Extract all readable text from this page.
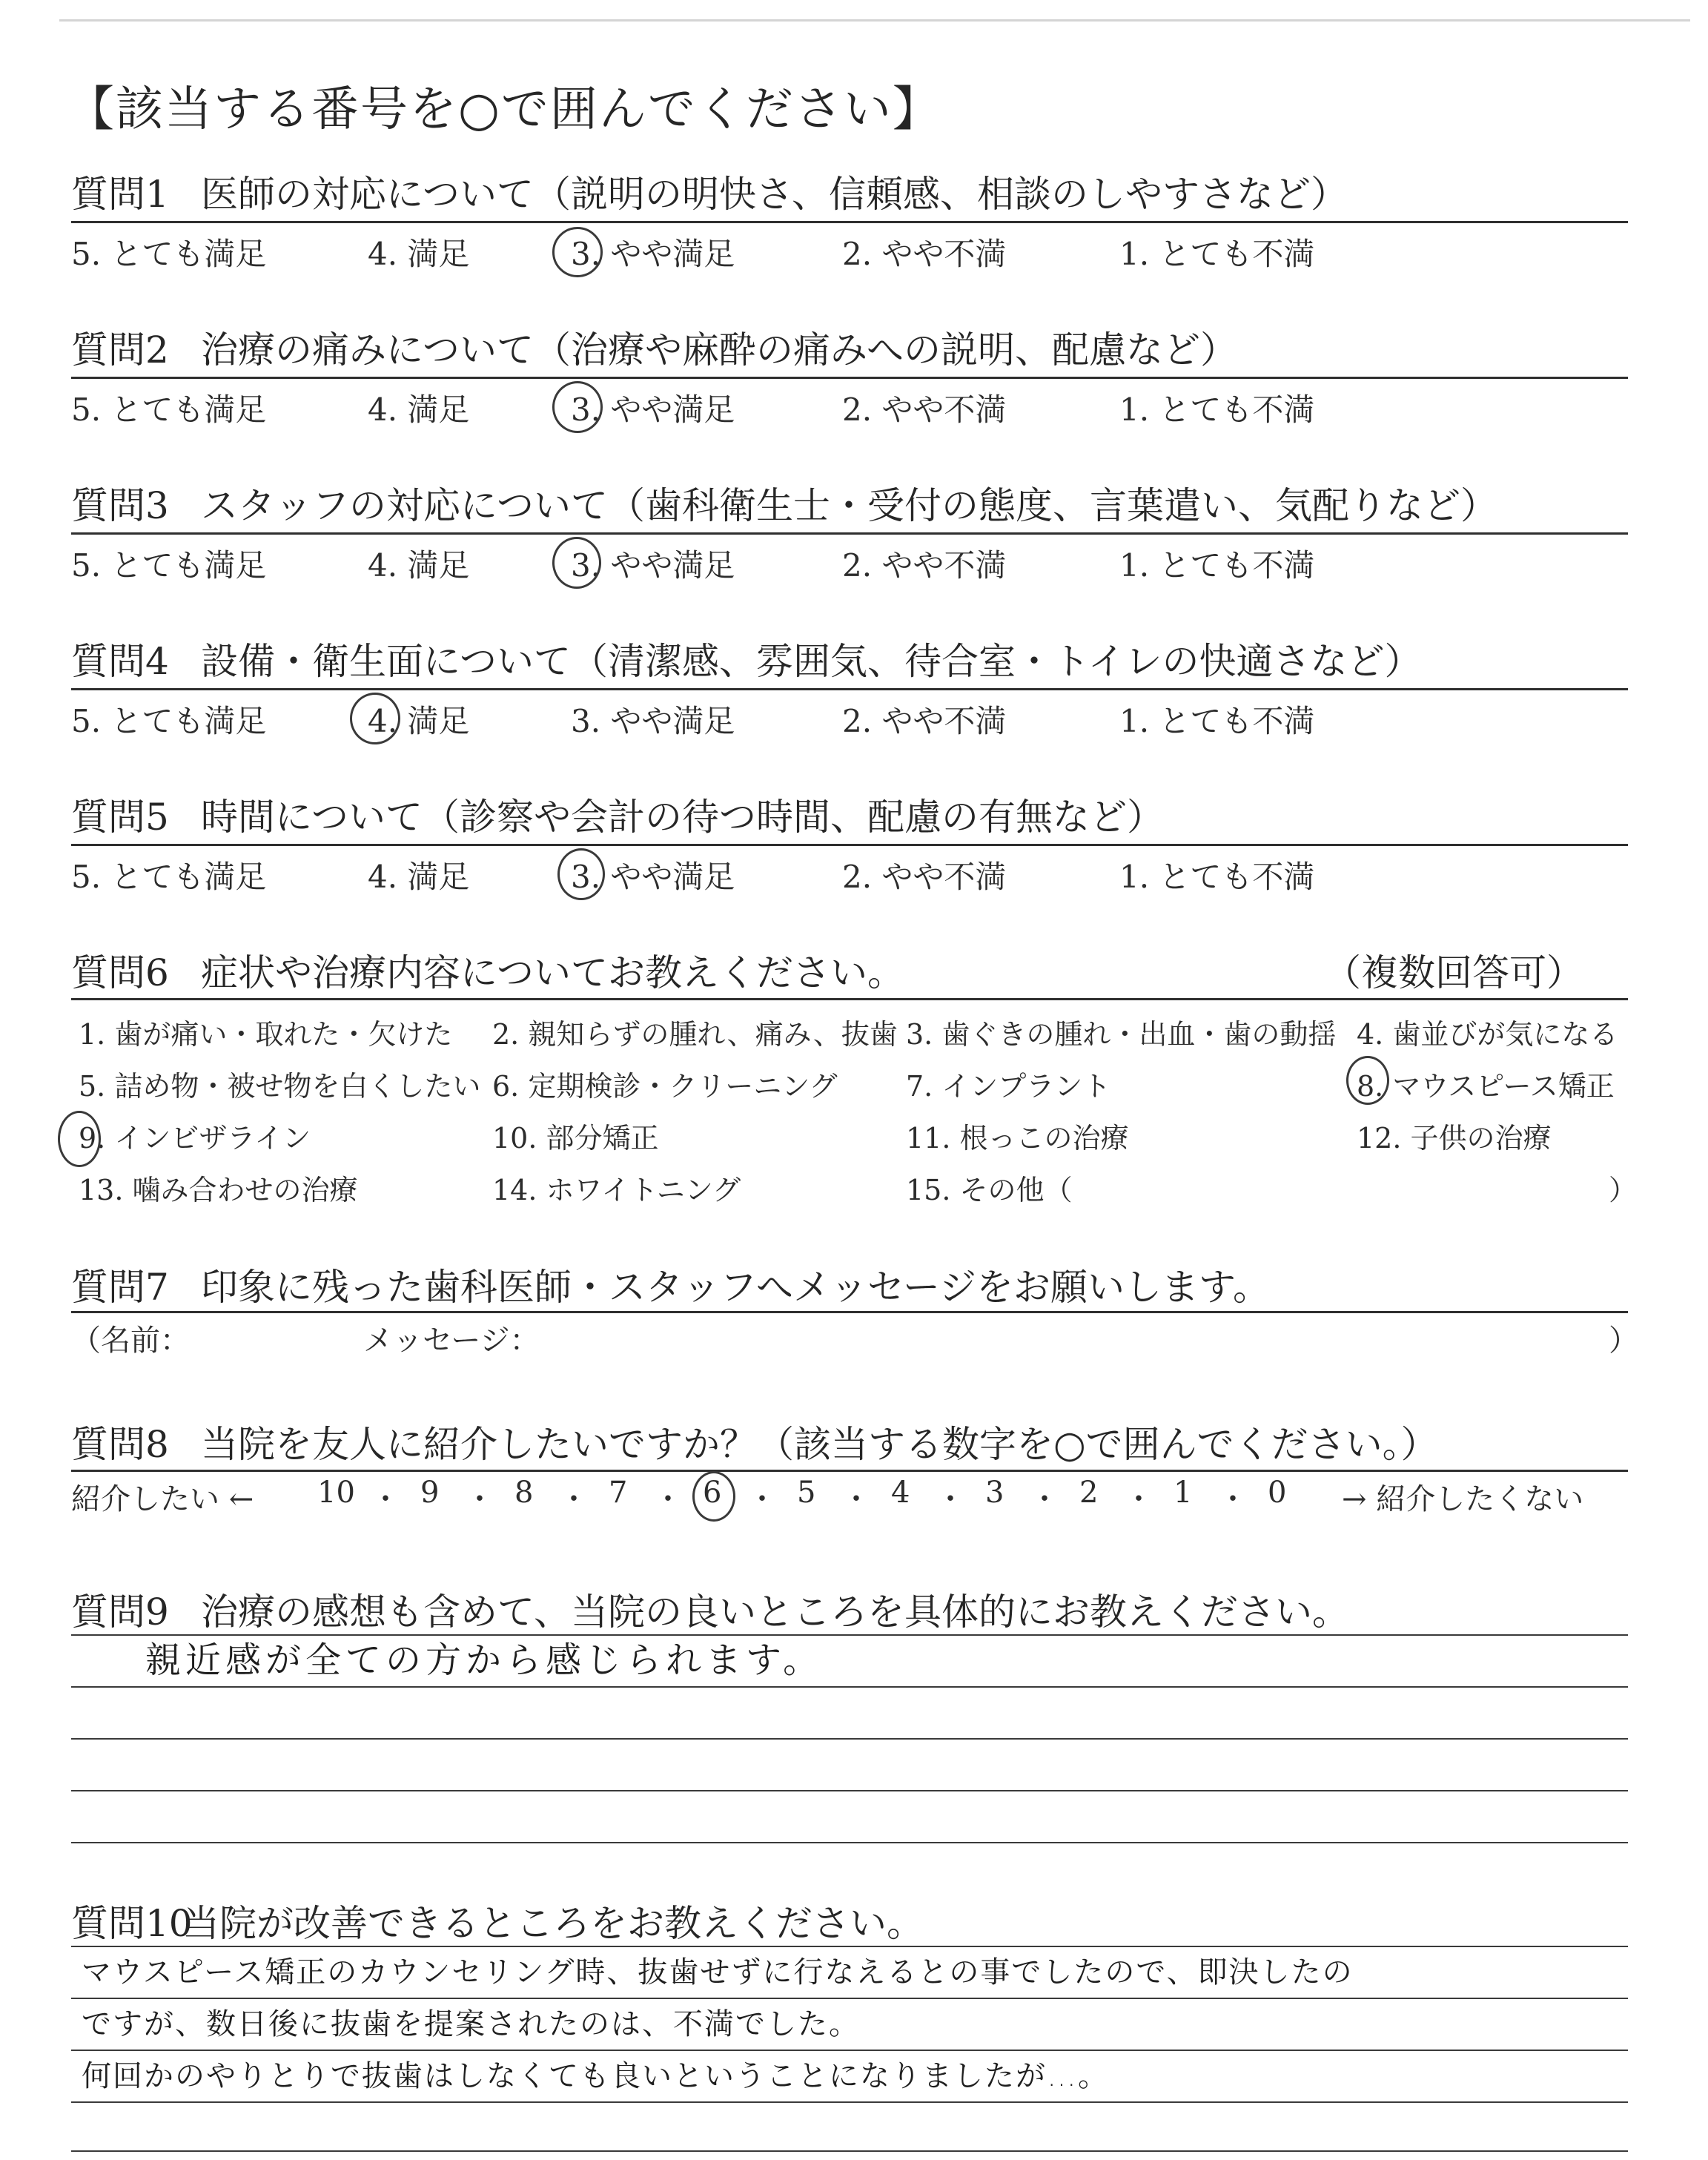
【該当する番号を○で囲んでください】
質問1 医師の対応について（説明の明快さ、信頼感、相談のしやすさなど）
5. とても満足	4. 満足	3. やや満足	2. やや不満	1. とても不満
質問2 治療の痛みについて（治療や麻酔の痛みへの説明、配慮など）
5. とても満足	4. 満足	3. やや満足	2. やや不満	1. とても不満
質問3 スタッフの対応について（歯科衛生士・受付の態度、言葉遣い、気配りなど）
5. とても満足	4. 満足	3. やや満足	2. やや不満	1. とても不満
質問4 設備・衛生面について（清潔感、雰囲気、待合室・トイレの快適さなど）
5. とても満足	4. 満足	3. やや満足	2. やや不満	1. とても不満
質問5 時間について（診察や会計の待つ時間、配慮の有無など）
5. とても満足	4. 満足	3. やや満足	2. やや不満	1. とても不満
質問6 症状や治療内容についてお教えください。	（複数回答可）
1. 歯が痛い・取れた・欠けた 2. 親知らずの腫れ、痛み、抜歯 3. 歯ぐきの腫れ・出血・歯の動揺 4. 歯並びが気になる
5. 詰め物・被せ物を白くしたい 6. 定期検診・クリーニング 7. インプラント	8. マウスピース矯正
9. インビザライン	10. 部分矯正	11. 根っこの治療	12. 子供の治療
13. 噛み合わせの治療	14. ホワイトニング	15. その他（	）
質問7 印象に残った歯科医師・スタッフへメッセージをお願いします。
（名前：	メッセージ：	）
質問8 当院を友人に紹介したいですか？（該当する数字を○で囲んでください。）
紹介したい ← 10 ・ 9 ・ 8 ・ 7 ・ 6 ・ 5 ・ 4 ・ 3 ・ 2 ・ 1 ・ 0 → 紹介したくない
質問9 治療の感想も含めて、当院の良いところを具体的にお教えください。
親近感が全ての方から感じられます。
質問10当院が改善できるところをお教えください。
マウスピース矯正のカウンセリング時、抜歯せずに行なえるとの事でしたので、即決したの
ですが、数日後に抜歯を提案されたのは、不満でした。
何回かのやりとりで抜歯はしなくても良いということになりましたが…。
